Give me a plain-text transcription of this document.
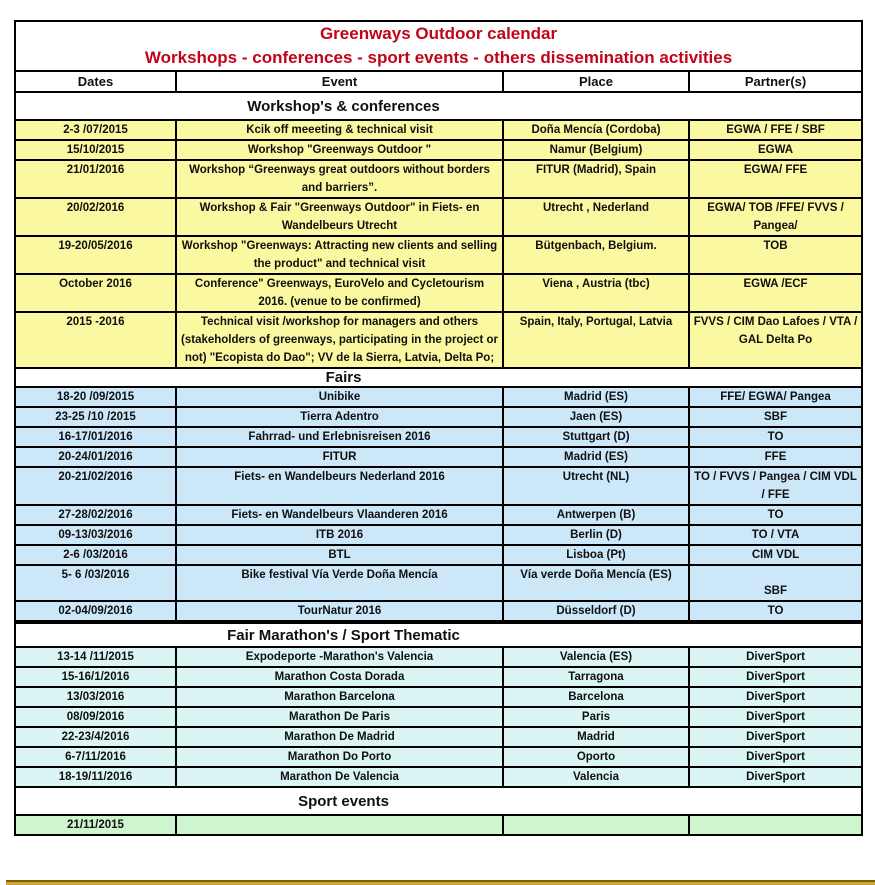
Greenways Outdoor calendar
Workshops - conferences - sport events - others dissemination activities			

Dates	Event	Place	Partner(s)

Workshop's & conferences			

2-3 /07/2015	Kcik off meeeting & technical visit	Doña Mencía (Cordoba)	EGWA / FFE / SBF
15/10/2015	Workshop "Greenways Outdoor "	Namur (Belgium)	EGWA
21/01/2016	Workshop “Greenways great outdoors without borders and barriers”.	FITUR (Madrid), Spain	EGWA/ FFE
20/02/2016	Workshop & Fair "Greenways Outdoor" in Fiets- en Wandelbeurs Utrecht	Utrecht , Nederland	EGWA/ TOB /FFE/ FVVS / Pangea/
19-20/05/2016	Workshop "Greenways: Attracting new clients and selling the product" and technical visit	Bütgenbach, Belgium.	TOB
October 2016	Conference" Greenways, EuroVelo and Cycletourism 2016. (venue to be confirmed)	Viena , Austria (tbc)	EGWA /ECF
2015 -2016	Technical visit /workshop for managers and others (stakeholders of greenways, participating in the project or not) "Ecopista do Dao"; VV de la Sierra, Latvia, Delta Po;	Spain, Italy, Portugal, Latvia	FVVS / CIM Dao Lafoes / VTA / GAL Delta Po

Fairs			

18-20 /09/2015	Unibike	Madrid (ES)	FFE/ EGWA/ Pangea
23-25 /10 /2015	Tierra Adentro	Jaen (ES)	SBF
16-17/01/2016	Fahrrad- und Erlebnisreisen 2016	Stuttgart (D)	TO
20-24/01/2016	FITUR	Madrid (ES)	FFE
20-21/02/2016	Fiets- en Wandelbeurs Nederland 2016	Utrecht (NL)	TO / FVVS / Pangea / CIM VDL / FFE
27-28/02/2016	Fiets- en Wandelbeurs Vlaanderen 2016	Antwerpen (B)	TO
09-13/03/2016	ITB 2016	Berlin (D)	TO / VTA
2-6 /03/2016	BTL	Lisboa (Pt)	CIM VDL
5- 6 /03/2016	Bike festival Vía Verde Doña Mencía	Vía verde Doña Mencía (ES)	SBF
02-04/09/2016	TourNatur 2016	Düsseldorf (D)	TO

Fair Marathon's / Sport Thematic			

13-14 /11/2015	Expodeporte -Marathon's Valencia	Valencia (ES)	DiverSport
15-16/1/2016	Marathon Costa Dorada	Tarragona	DiverSport
13/03/2016	Marathon Barcelona	Barcelona	DiverSport
08/09/2016	Marathon De Paris	Paris	DiverSport
22-23/4/2016	Marathon De Madrid	Madrid	DiverSport
6-7/11/2016	Marathon Do Porto	Oporto	DiverSport
18-19/11/2016	Marathon De Valencia	Valencia	DiverSport

Sport events			

21/11/2015			
